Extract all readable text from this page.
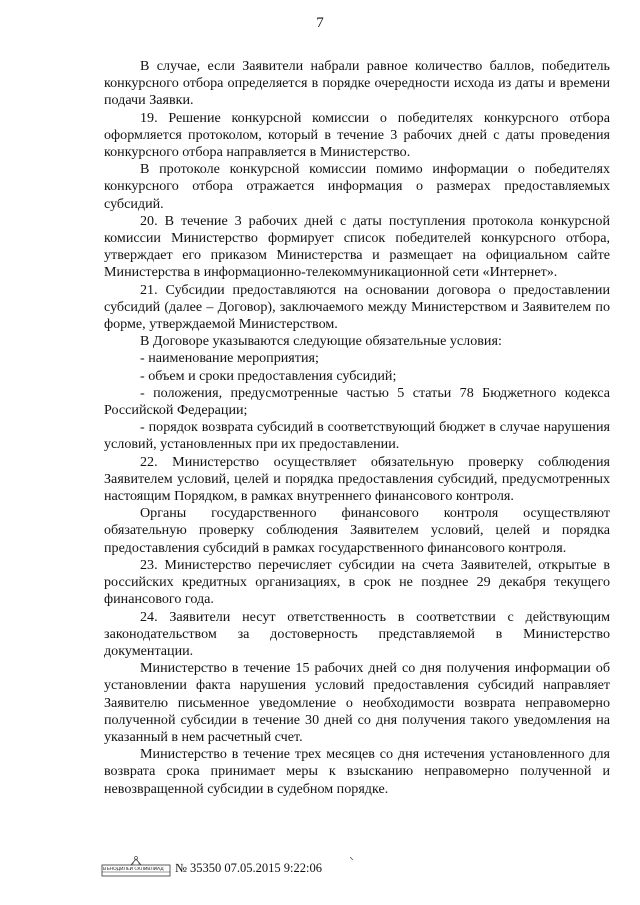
7

В случае, если Заявители набрали равное количество баллов, победитель конкурсного отбора определяется в порядке очередности исхода из даты и времени подачи Заявки.

19. Решение конкурсной комиссии о победителях конкурсного отбора оформляется протоколом, который в течение 3 рабочих дней с даты проведения конкурсного отбора направляется в Министерство.

В протоколе конкурсной комиссии помимо информации о победителях конкурсного отбора отражается информация о размерах предоставляемых субсидий.

20. В течение 3 рабочих дней с даты поступления протокола конкурсной комиссии Министерство формирует список победителей конкурсного отбора, утверждает его приказом Министерства и размещает на официальном сайте Министерства в информационно-телекоммуникационной сети «Интернет».

21. Субсидии предоставляются на основании договора о предоставлении субсидий (далее – Договор), заключаемого между Министерством и Заявителем по форме, утверждаемой Министерством.

В Договоре указываются следующие обязательные условия:

- наименование мероприятия;

- объем и сроки предоставления субсидий;

- положения, предусмотренные частью 5 статьи 78 Бюджетного кодекса Российской Федерации;

- порядок возврата субсидий в соответствующий бюджет в случае нарушения условий, установленных при их предоставлении.

22. Министерство осуществляет обязательную проверку соблюдения Заявителем условий, целей и порядка предоставления субсидий, предусмотренных настоящим Порядком, в рамках внутреннего финансового контроля.

Органы государственного финансового контроля осуществляют обязательную проверку соблюдения Заявителем условий, целей и порядка предоставления субсидий в рамках государственного финансового контроля.

23. Министерство перечисляет субсидии на счета Заявителей, открытые в российских кредитных организациях, в срок не позднее 29 декабря текущего финансового года.

24. Заявители несут ответственность в соответствии с действующим законодательством за достоверность представляемой в Министерство документации.

Министерство в течение 15 рабочих дней со дня получения информации об установлении факта нарушения условий предоставления субсидий направляет Заявителю письменное уведомление о необходимости возврата неправомерно полученной субсидии в течение 30 дней со дня получения такого уведомления на указанный в нем расчетный счет.

Министерство в течение трех месяцев со дня истечения установленного для возврата срока принимает меры к взысканию неправомерно полученной и невозвращенной субсидии в судебном порядке.

ВЪНОДИЛЕЙ СКЛИВЛИАД № 35350 07.05.2015 9:22:06
